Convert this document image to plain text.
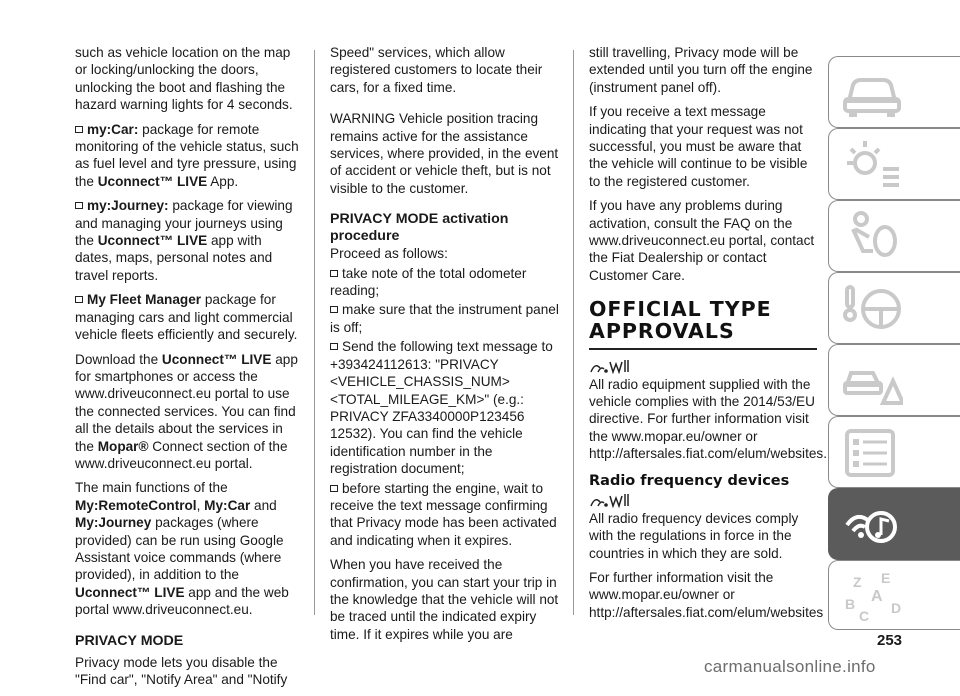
such as vehicle location on the map or locking/unlocking the doors, unlocking the boot and flashing the hazard warning lights for 4 seconds.

my:Car: package for remote monitoring of the vehicle status, such as fuel level and tyre pressure, using the Uconnect™ LIVE App.

my:Journey: package for viewing and managing your journeys using the Uconnect™ LIVE app with dates, maps, personal notes and travel reports.

My Fleet Manager package for managing cars and light commercial vehicle fleets efficiently and securely.

Download the Uconnect™ LIVE app for smartphones or access the www.driveuconnect.eu portal to use the connected services. You can find all the details about the services in the Mopar® Connect section of the www.driveuconnect.eu portal.

The main functions of the My:RemoteControl, My:Car and My:Journey packages (where provided) can be run using Google Assistant voice commands (where provided), in addition to the Uconnect™ LIVE app and the web portal www.driveuconnect.eu.

PRIVACY MODE

Privacy mode lets you disable the "Find car", "Notify Area" and "Notify

Speed" services, which allow registered customers to locate their cars, for a fixed time.

WARNING Vehicle position tracing remains active for the assistance services, where provided, in the event of accident or vehicle theft, but is not visible to the customer.

PRIVACY MODE activation procedure

Proceed as follows:

take note of the total odometer reading;

make sure that the instrument panel is off;

Send the following text message to +393424112613: "PRIVACY <VEHICLE_CHASSIS_NUM> <TOTAL_MILEAGE_KM>" (e.g.: PRIVACY ZFA3340000P123456 12532). You can find the vehicle identification number in the registration document;

before starting the engine, wait to receive the text message confirming that Privacy mode has been activated and indicating when it expires.

When you have received the confirmation, you can start your trip in the knowledge that the vehicle will not be traced until the indicated expiry time. If it expires while you are

still travelling, Privacy mode will be extended until you turn off the engine (instrument panel off).

If you receive a text message indicating that your request was not successful, you must be aware that the vehicle will continue to be visible to the registered customer.

If you have any problems during activation, consult the FAQ on the www.driveuconnect.eu portal, contact the Fiat Dealership or contact Customer Care.

OFFICIAL TYPE APPROVALS

All radio equipment supplied with the vehicle complies with the 2014/53/EU directive. For further information visit the www.mopar.eu/owner or http://aftersales.fiat.com/elum/websites.

Radio frequency devices

All radio frequency devices comply with the regulations in force in the countries in which they are sold.

For further information visit the www.mopar.eu/owner or http://aftersales.fiat.com/elum/websites

Z E
A
B
C D
253
carmanualsonline.info
